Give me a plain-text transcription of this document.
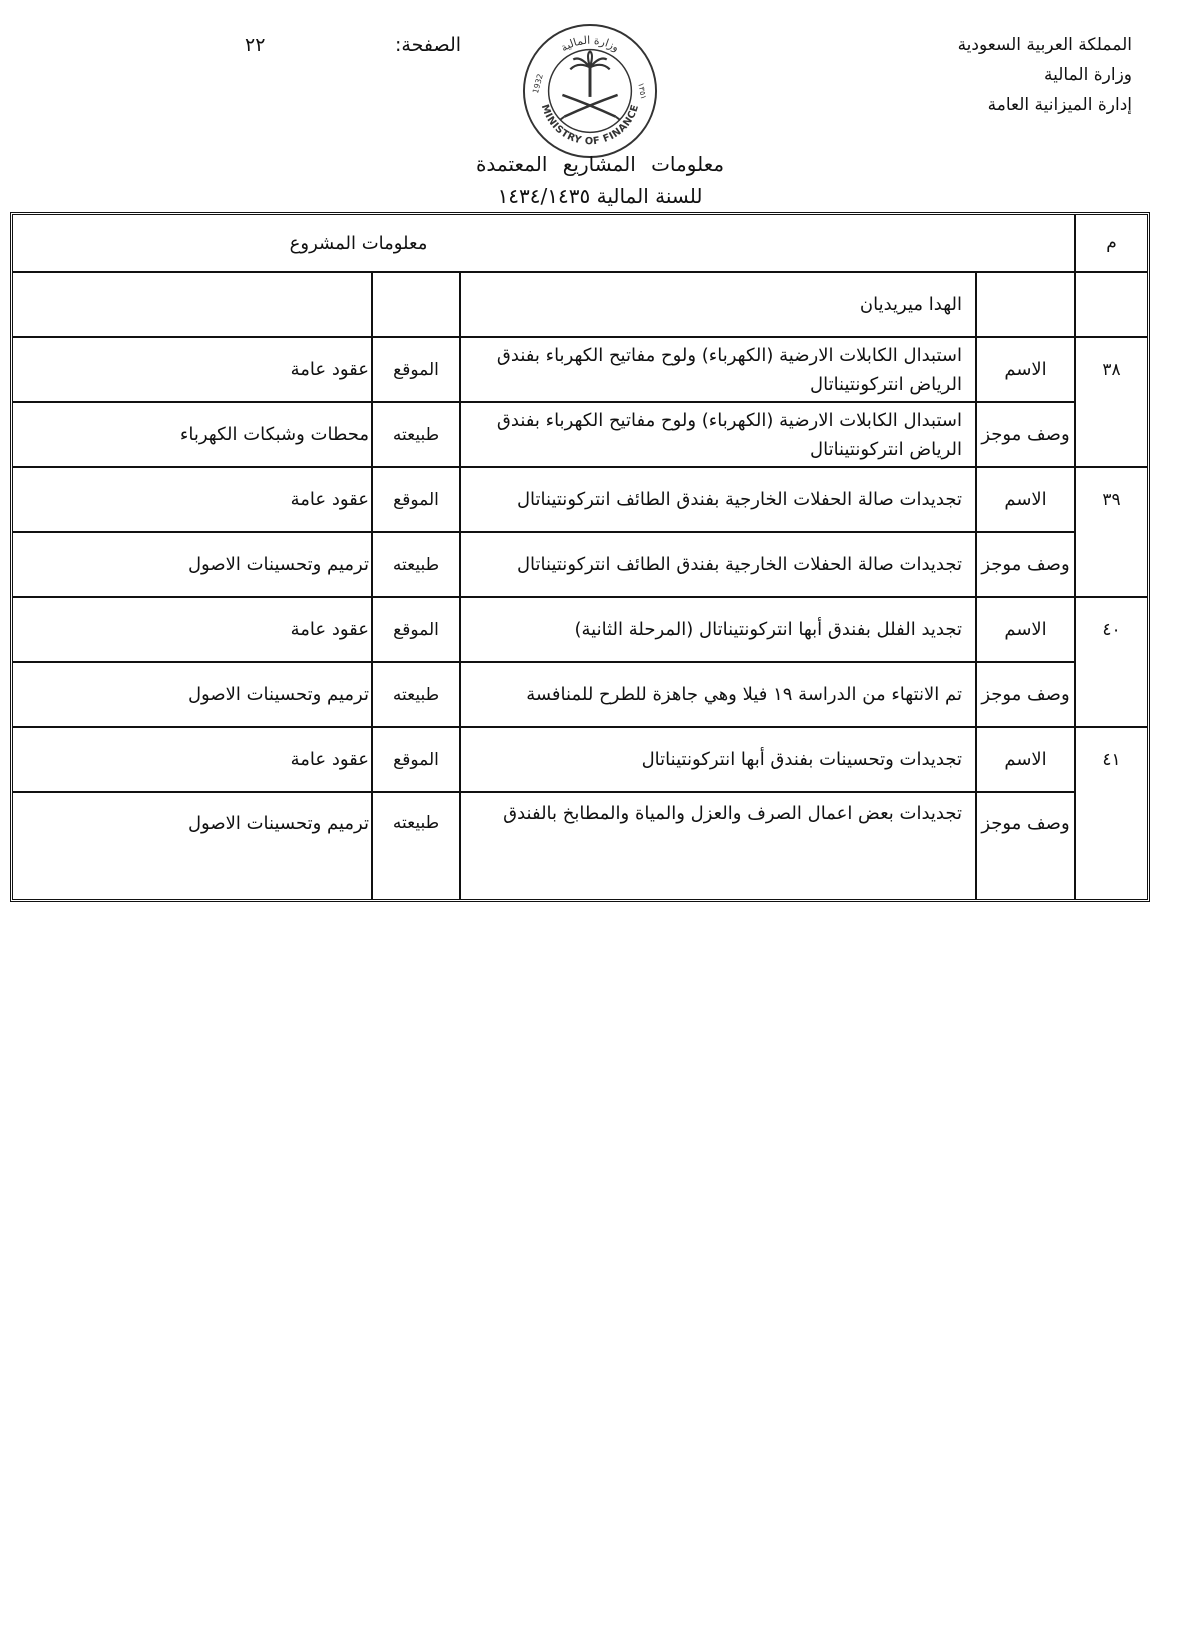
المملكة العربية السعودية
وزارة المالية
إدارة الميزانية العامة
الصفحة:
٢٢	وزارة المالية
MINISTRY OF FINANCE
1932	١٣٥١
معلومات المشاريع المعتمدة
للسنة المالية ١٤٣٤/١٤٣٥
م
معلومات المشروع
الهدا ميريديان
٣٨
الاسم
استبدال الكابلات الارضية (الكهرباء) ولوح مفاتيح الكهرباء بفندق الرياض انتركونتيناتال
الموقع
عقود عامة
وصف موجز
استبدال الكابلات الارضية (الكهرباء) ولوح مفاتيح الكهرباء بفندق الرياض انتركونتيناتال
طبيعته
محطات وشبكات الكهرباء
٣٩
الاسم
تجديدات صالة الحفلات الخارجية بفندق الطائف انتركونتيناتال
الموقع
عقود عامة
وصف موجز
تجديدات صالة الحفلات الخارجية بفندق الطائف انتركونتيناتال
طبيعته
ترميم وتحسينات الاصول
٤٠
الاسم
تجديد الفلل بفندق أبها انتركونتيناتال (المرحلة الثانية)
الموقع
عقود عامة
وصف موجز
تم الانتهاء من الدراسة ١٩ فيلا وهي جاهزة للطرح للمنافسة
طبيعته
ترميم وتحسينات الاصول
٤١
الاسم
تجديدات وتحسينات بفندق أبها انتركونتيناتال
الموقع
عقود عامة
وصف موجز
تجديدات بعض اعمال الصرف والعزل والمياة والمطابخ بالفندق
طبيعته
ترميم وتحسينات الاصول
